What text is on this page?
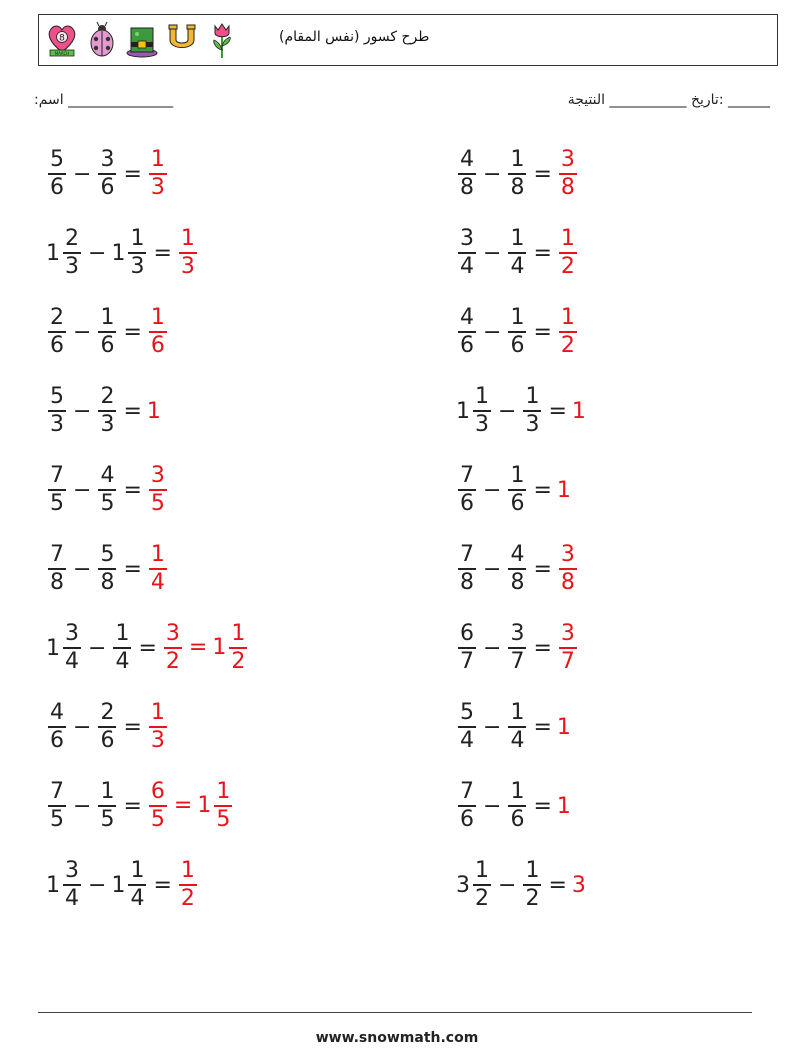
8
MARCH
طرح كسور (نفس المقام)
:اسم _______________	______ :تاريخ ___________ النتيجة
$\frac{5}{6} - \frac{3}{6} = \frac{1}{3}$	$\frac{4}{8} - \frac{1}{8} = \frac{3}{8}$
$1 \frac{2}{3} - 1 \frac{1}{3} = \frac{1}{3}$	$\frac{3}{4} - \frac{1}{4} = \frac{1}{2}$
$\frac{2}{6} - \frac{1}{6} = \frac{1}{6}$	$\frac{4}{6} - \frac{1}{6} = \frac{1}{2}$
$\frac{5}{3} - \frac{2}{3} = 1$	$1 \frac{1}{3} - \frac{1}{3} = 1$
$\frac{7}{5} - \frac{4}{5} = \frac{3}{5}$	$\frac{7}{6} - \frac{1}{6} = 1$
$\frac{7}{8} - \frac{5}{8} = \frac{1}{4}$	$\frac{7}{8} - \frac{4}{8} = \frac{3}{8}$
$1 \frac{3}{4} - \frac{1}{4} = \frac{3}{2} = 1 \frac{1}{2}$	$\frac{6}{7} - \frac{3}{7} = \frac{3}{7}$
$\frac{4}{6} - \frac{2}{6} = \frac{1}{3}$	$\frac{5}{4} - \frac{1}{4} = 1$
$\frac{7}{5} - \frac{1}{5} = \frac{6}{5} = 1 \frac{1}{5}$	$\frac{7}{6} - \frac{1}{6} = 1$
$1 \frac{3}{4} - 1 \frac{1}{4} = \frac{1}{2}$	$3 \frac{1}{2} - \frac{1}{2} = 3$
www.snowmath.com
